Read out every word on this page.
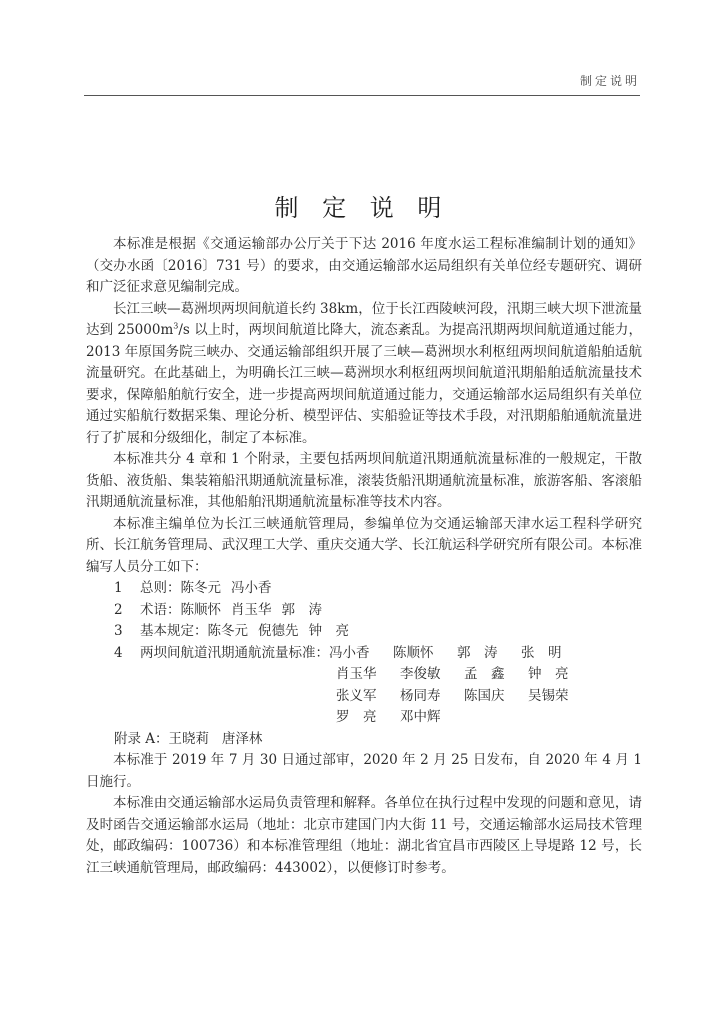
制定说明
制 定 说 明

本标准是根据《交通运输部办公厅关于下达 2016 年度水运工程标准编制计划的通知》（交办水函〔2016〕731 号）的要求，由交通运输部水运局组织有关单位经专题研究、调研和广泛征求意见编制完成。

长江三峡—葛洲坝两坝间航道长约 38km，位于长江西陵峡河段，汛期三峡大坝下泄流量达到 $25000m^3/s$ 以上时，两坝间航道比降大，流态紊乱。为提高汛期两坝间航道通过能力，2013 年原国务院三峡办、交通运输部组织开展了三峡—葛洲坝水利枢纽两坝间航道船舶适航流量研究。在此基础上，为明确长江三峡—葛洲坝水利枢纽两坝间航道汛期船舶适航流量技术要求，保障船舶航行安全，进一步提高两坝间航道通过能力，交通运输部水运局组织有关单位通过实船航行数据采集、理论分析、模型评估、实船验证等技术手段，对汛期船舶通航流量进行了扩展和分级细化，制定了本标准。

本标准共分 4 章和 1 个附录，主要包括两坝间航道汛期通航流量标准的一般规定，干散货船、液货船、集装箱船汛期通航流量标准，滚装货船汛期通航流量标准，旅游客船、客滚船汛期通航流量标准，其他船舶汛期通航流量标准等技术内容。

本标准主编单位为长江三峡通航管理局，参编单位为交通运输部天津水运工程科学研究所、长江航务管理局、武汉理工大学、重庆交通大学、长江航运科学研究所有限公司。本标准编写人员分工如下：

1	总则： 陈冬元 冯小香
2	术语： 陈顺怀 肖玉华 郭　涛
3	基本规定： 陈冬元 倪德先 钟　亮
4	两坝间航道汛期通航流量标准： 冯小香	陈顺怀	郭　涛	张　明
肖玉华	李俊敏	孟　鑫	钟　亮
张义军	杨同寿	陈国庆	吴锡荣
罗　亮	邓中辉
附录 A：王晓莉 唐泽林

本标准于 2019 年 7 月 30 日通过部审，2020 年 2 月 25 日发布，自 2020 年 4 月 1 日施行。

本标准由交通运输部水运局负责管理和解释。各单位在执行过程中发现的问题和意见，请及时函告交通运输部水运局（地址：北京市建国门内大街 11 号，交通运输部水运局技术管理处，邮政编码：100736）和本标准管理组（地址：湖北省宜昌市西陵区上导堤路 12 号，长江三峡通航管理局，邮政编码：443002），以便修订时参考。
